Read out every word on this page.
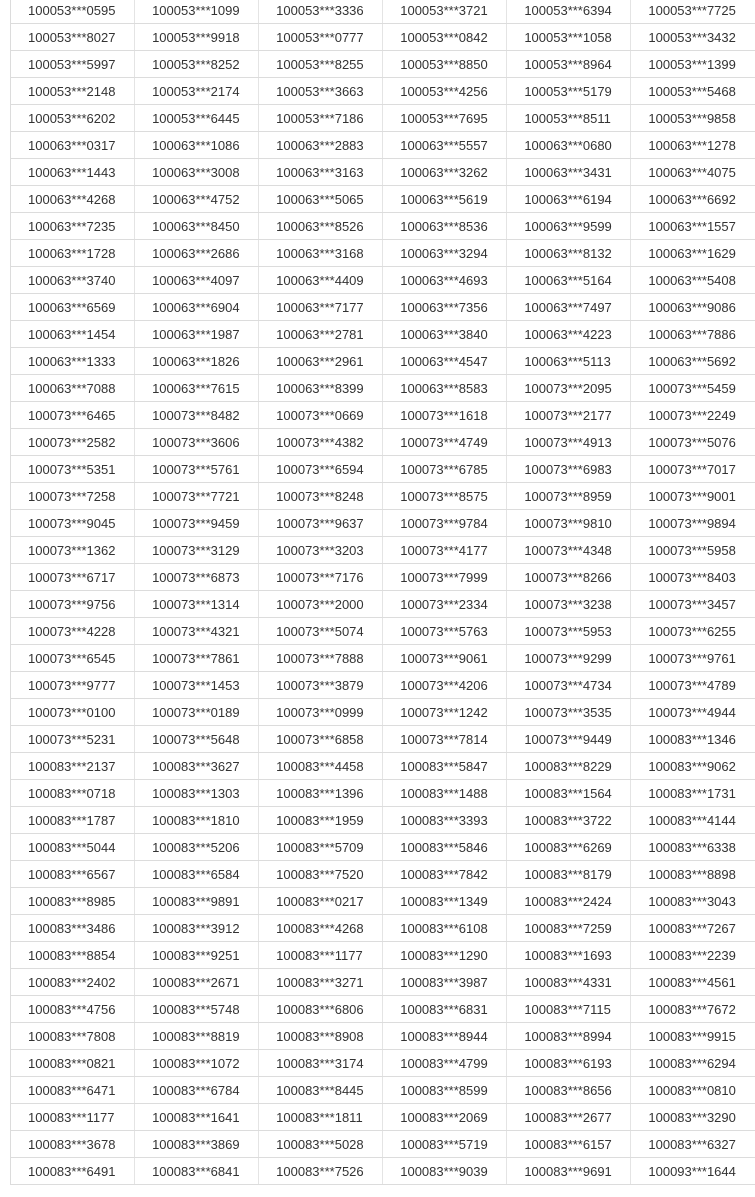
100053***0595	100053***1099	100053***3336	100053***3721	100053***6394	100053***7725
100053***8027	100053***9918	100053***0777	100053***0842	100053***1058	100053***3432
100053***5997	100053***8252	100053***8255	100053***8850	100053***8964	100053***1399
100053***2148	100053***2174	100053***3663	100053***4256	100053***5179	100053***5468
100053***6202	100053***6445	100053***7186	100053***7695	100053***8511	100053***9858
100063***0317	100063***1086	100063***2883	100063***5557	100063***0680	100063***1278
100063***1443	100063***3008	100063***3163	100063***3262	100063***3431	100063***4075
100063***4268	100063***4752	100063***5065	100063***5619	100063***6194	100063***6692
100063***7235	100063***8450	100063***8526	100063***8536	100063***9599	100063***1557
100063***1728	100063***2686	100063***3168	100063***3294	100063***8132	100063***1629
100063***3740	100063***4097	100063***4409	100063***4693	100063***5164	100063***5408
100063***6569	100063***6904	100063***7177	100063***7356	100063***7497	100063***9086
100063***1454	100063***1987	100063***2781	100063***3840	100063***4223	100063***7886
100063***1333	100063***1826	100063***2961	100063***4547	100063***5113	100063***5692
100063***7088	100063***7615	100063***8399	100063***8583	100073***2095	100073***5459
100073***6465	100073***8482	100073***0669	100073***1618	100073***2177	100073***2249
100073***2582	100073***3606	100073***4382	100073***4749	100073***4913	100073***5076
100073***5351	100073***5761	100073***6594	100073***6785	100073***6983	100073***7017
100073***7258	100073***7721	100073***8248	100073***8575	100073***8959	100073***9001
100073***9045	100073***9459	100073***9637	100073***9784	100073***9810	100073***9894
100073***1362	100073***3129	100073***3203	100073***4177	100073***4348	100073***5958
100073***6717	100073***6873	100073***7176	100073***7999	100073***8266	100073***8403
100073***9756	100073***1314	100073***2000	100073***2334	100073***3238	100073***3457
100073***4228	100073***4321	100073***5074	100073***5763	100073***5953	100073***6255
100073***6545	100073***7861	100073***7888	100073***9061	100073***9299	100073***9761
100073***9777	100073***1453	100073***3879	100073***4206	100073***4734	100073***4789
100073***0100	100073***0189	100073***0999	100073***1242	100073***3535	100073***4944
100073***5231	100073***5648	100073***6858	100073***7814	100073***9449	100083***1346
100083***2137	100083***3627	100083***4458	100083***5847	100083***8229	100083***9062
100083***0718	100083***1303	100083***1396	100083***1488	100083***1564	100083***1731
100083***1787	100083***1810	100083***1959	100083***3393	100083***3722	100083***4144
100083***5044	100083***5206	100083***5709	100083***5846	100083***6269	100083***6338
100083***6567	100083***6584	100083***7520	100083***7842	100083***8179	100083***8898
100083***8985	100083***9891	100083***0217	100083***1349	100083***2424	100083***3043
100083***3486	100083***3912	100083***4268	100083***6108	100083***7259	100083***7267
100083***8854	100083***9251	100083***1177	100083***1290	100083***1693	100083***2239
100083***2402	100083***2671	100083***3271	100083***3987	100083***4331	100083***4561
100083***4756	100083***5748	100083***6806	100083***6831	100083***7115	100083***7672
100083***7808	100083***8819	100083***8908	100083***8944	100083***8994	100083***9915
100083***0821	100083***1072	100083***3174	100083***4799	100083***6193	100083***6294
100083***6471	100083***6784	100083***8445	100083***8599	100083***8656	100083***0810
100083***1177	100083***1641	100083***1811	100083***2069	100083***2677	100083***3290
100083***3678	100083***3869	100083***5028	100083***5719	100083***6157	100083***6327
100083***6491	100083***6841	100083***7526	100083***9039	100083***9691	100093***1644
